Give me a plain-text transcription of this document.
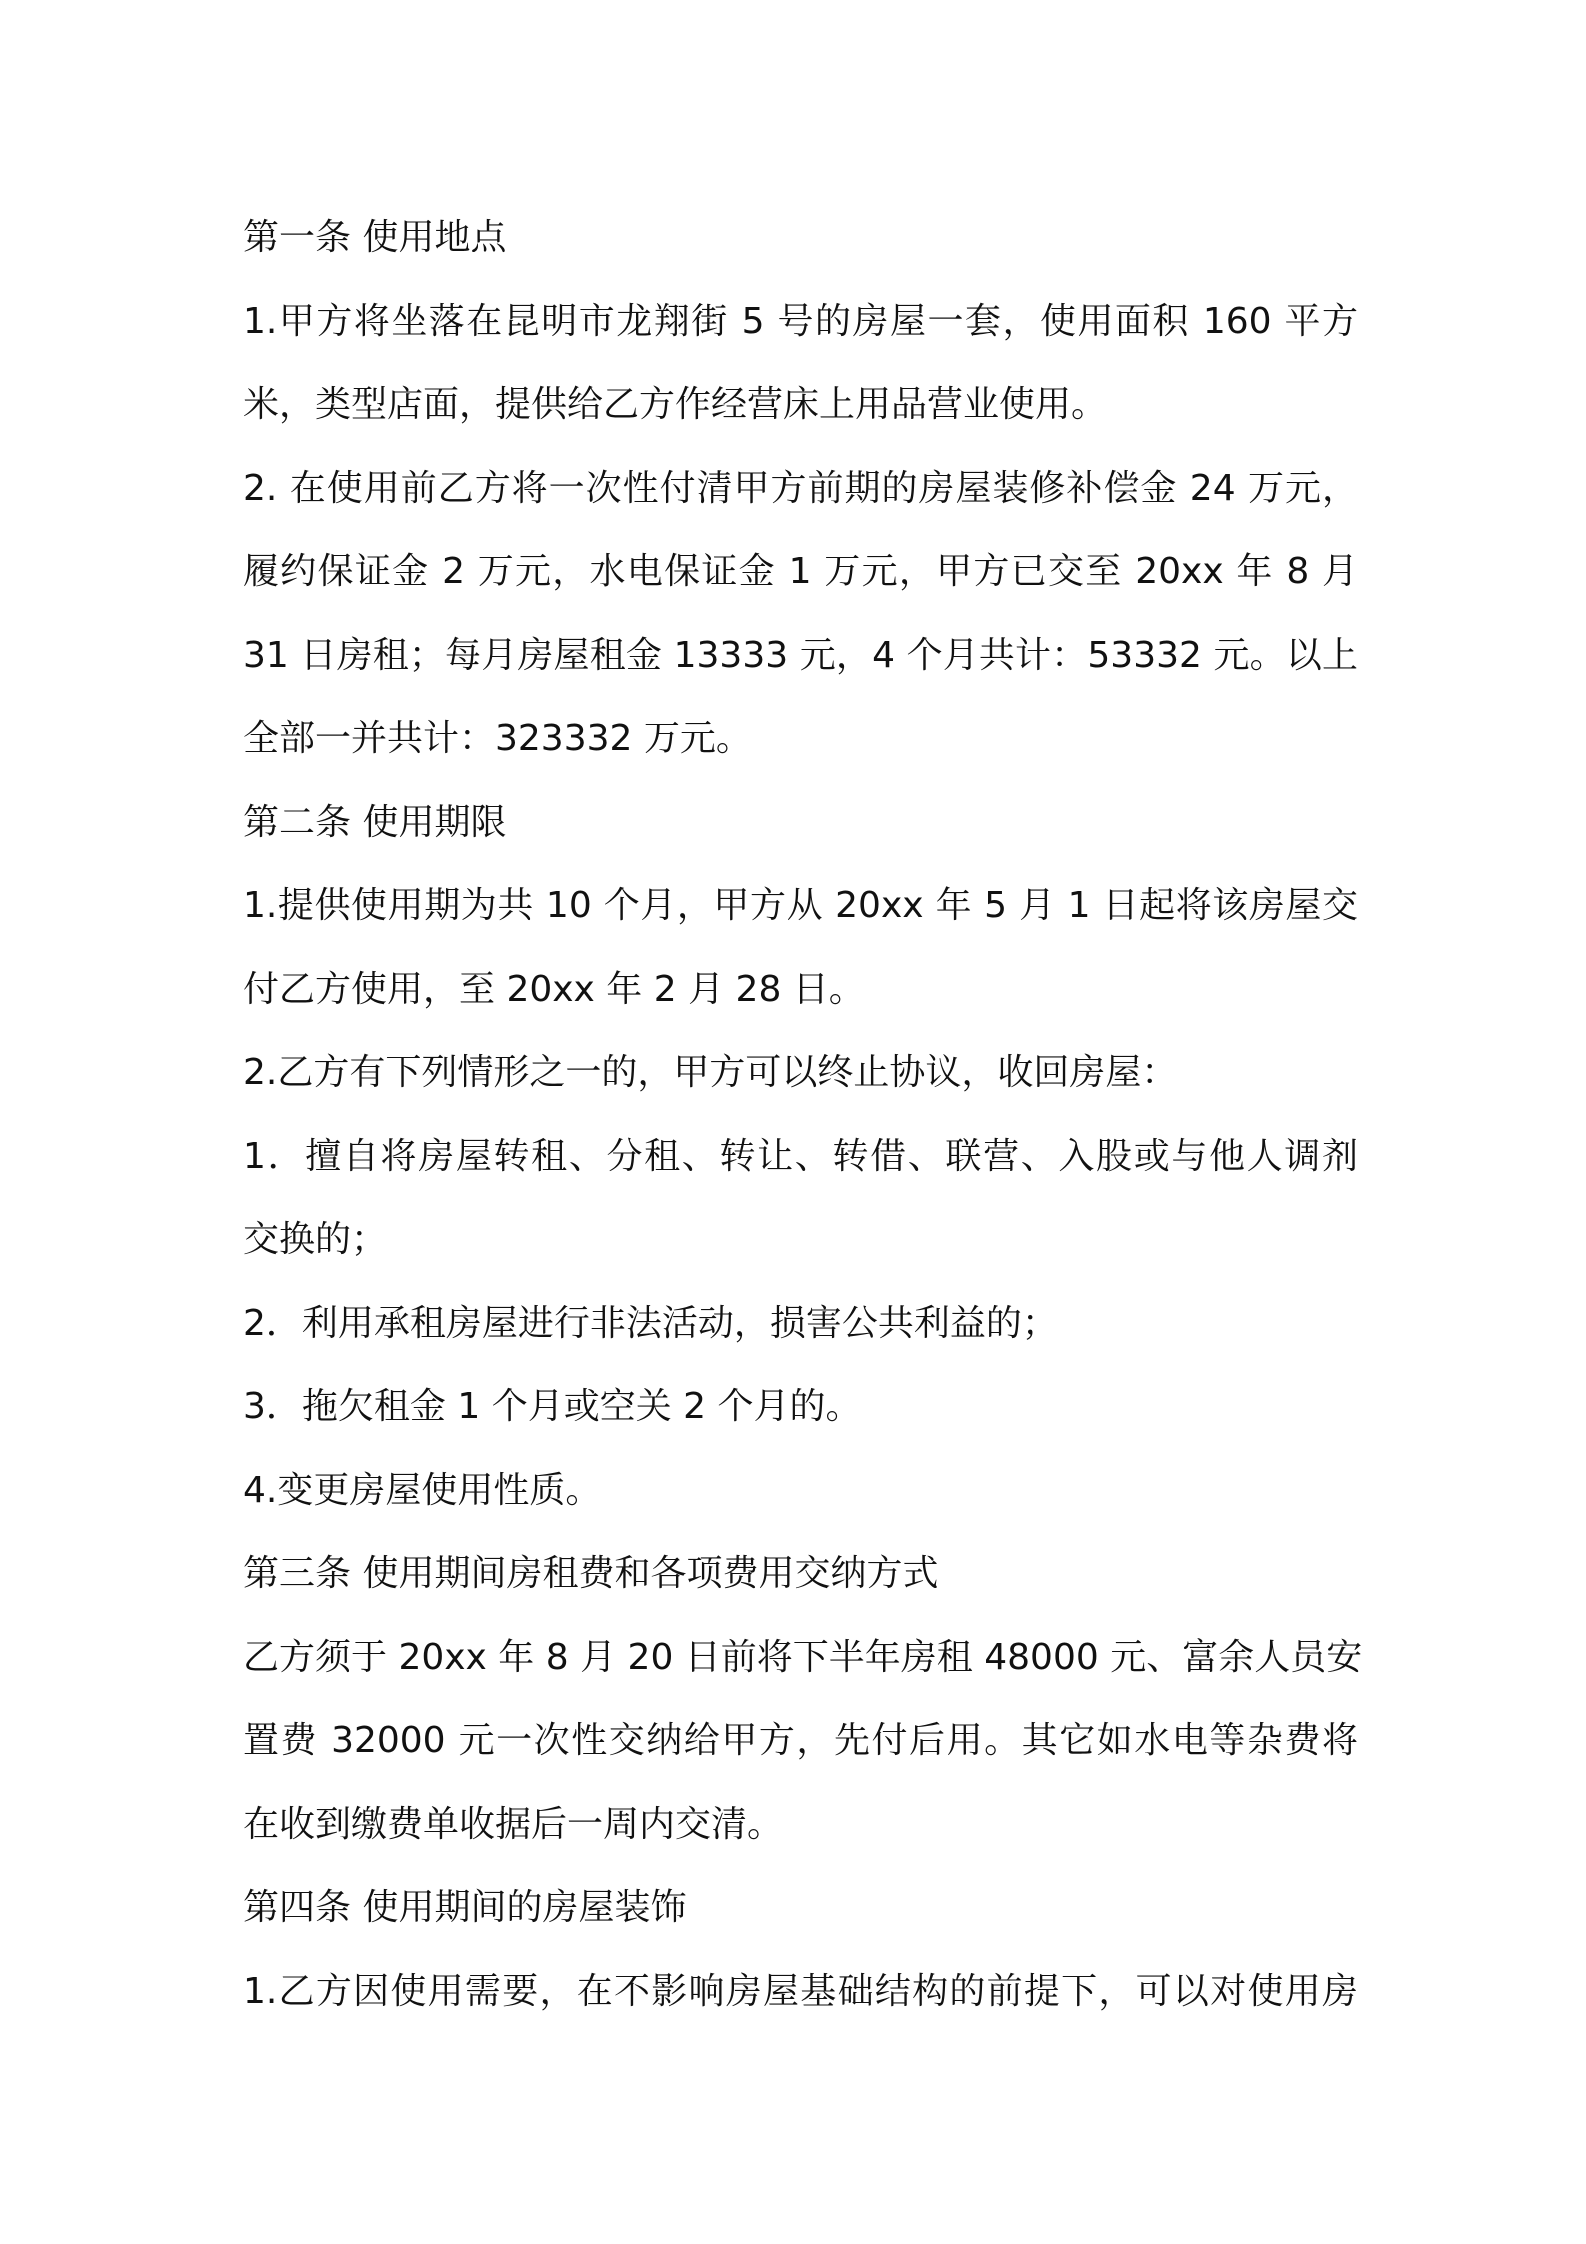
第一条 使用地点
1.甲方将坐落在昆明市龙翔街 5 号的房屋一套，使用面积 160 平方
米，类型店面，提供给乙方作经营床上用品营业使用。
2. 在使用前乙方将一次性付清甲方前期的房屋装修补偿金 24 万元，
履约保证金 2 万元，水电保证金 1 万元，甲方已交至 20xx 年 8 月
31 日房租；每月房屋租金 13333 元，4 个月共计：53332 元。以上
全部一并共计：323332 万元。
第二条 使用期限
1.提供使用期为共 10 个月，甲方从 20xx 年 5 月 1 日起将该房屋交
付乙方使用，至 20xx 年 2 月 28 日。
2.乙方有下列情形之一的，甲方可以终止协议，收回房屋：
1．擅自将房屋转租、分租、转让、转借、联营、入股或与他人调剂
交换的；
2．利用承租房屋进行非法活动，损害公共利益的；
3．拖欠租金 1 个月或空关 2 个月的。
4.变更房屋使用性质。
第三条 使用期间房租费和各项费用交纳方式
乙方须于 20xx 年 8 月 20 日前将下半年房租 48000 元、富余人员安
置费 32000 元一次性交纳给甲方，先付后用。其它如水电等杂费将
在收到缴费单收据后一周内交清。
第四条 使用期间的房屋装饰
1.乙方因使用需要，在不影响房屋基础结构的前提下，可以对使用房
